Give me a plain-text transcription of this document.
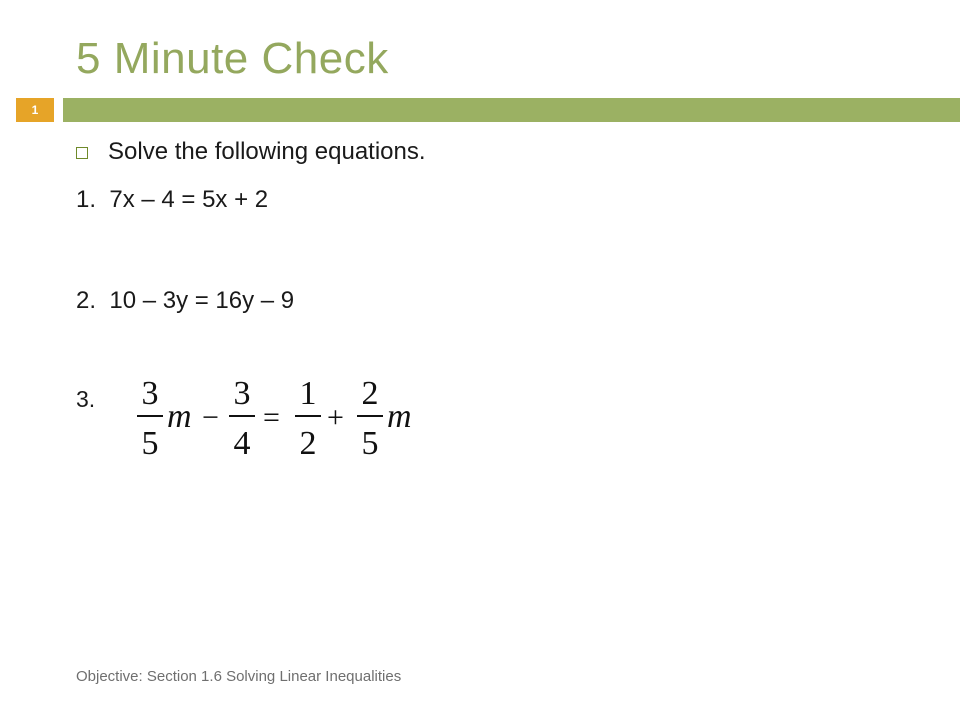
5 Minute Check
1
Solve the following equations.
1.  7x – 4 = 5x + 2
2.  10 – 3y = 16y – 9
3. 3
5
m −
3
4
=
1
2
+
2
5
m
Objective: Section 1.6 Solving Linear Inequalities
